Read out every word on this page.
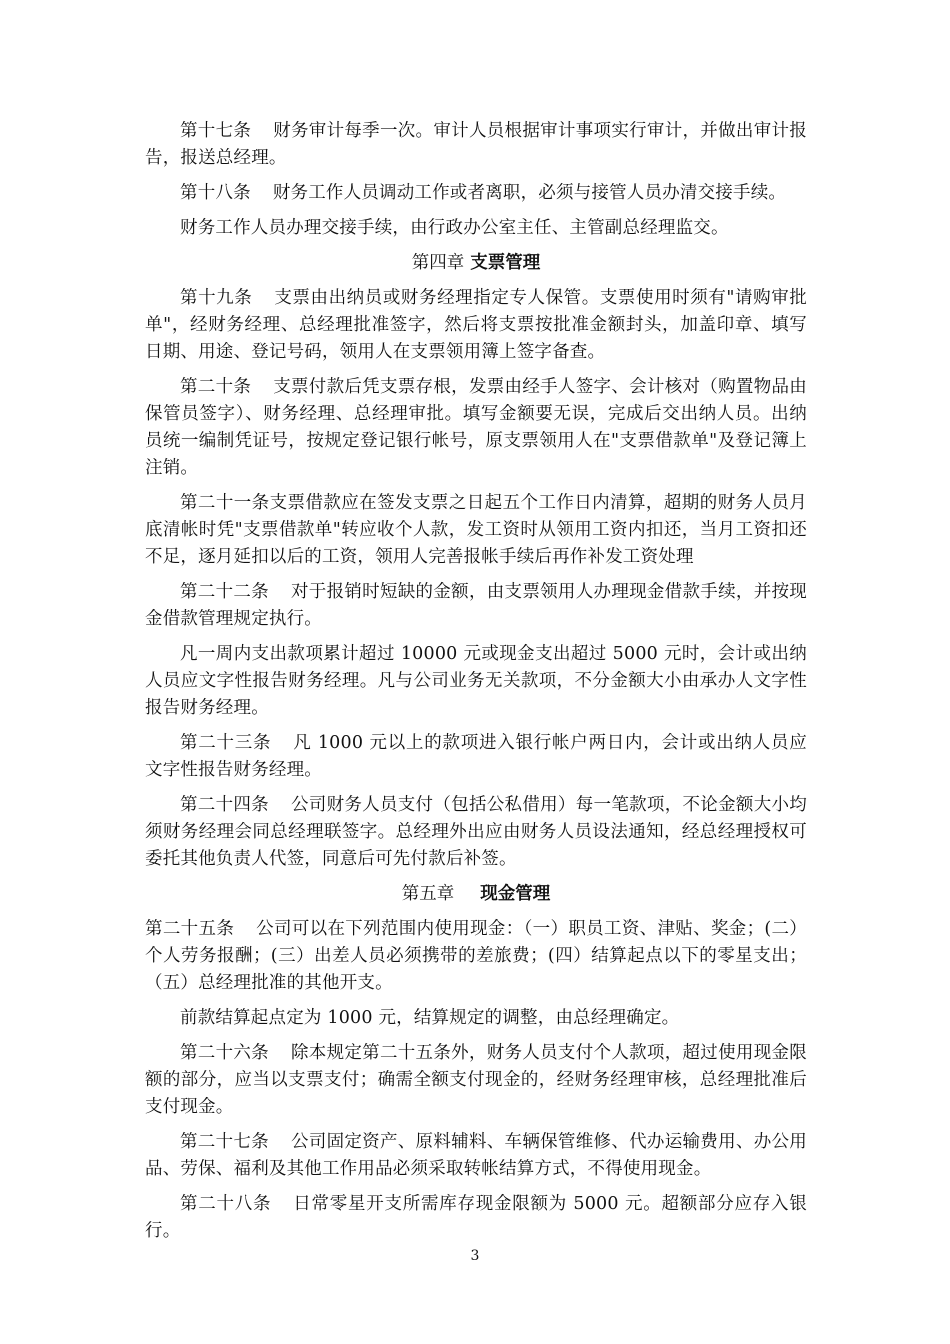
第十七条 财务审计每季一次。审计人员根据审计事项实行审计，并做出审计报告，报送总经理。

第十八条 财务工作人员调动工作或者离职，必须与接管人员办清交接手续。

财务工作人员办理交接手续，由行政办公室主任、主管副总经理监交。

第四章 支票管理

第十九条 支票由出纳员或财务经理指定专人保管。支票使用时须有"请购审批单"，经财务经理、总经理批准签字，然后将支票按批准金额封头，加盖印章、填写日期、用途、登记号码，领用人在支票领用簿上签字备查。

第二十条 支票付款后凭支票存根，发票由经手人签字、会计核对（购置物品由保管员签字）、财务经理、总经理审批。填写金额要无误，完成后交出纳人员。出纳员统一编制凭证号，按规定登记银行帐号，原支票领用人在"支票借款单"及登记簿上注销。

第二十一条支票借款应在签发支票之日起五个工作日内清算，超期的财务人员月底清帐时凭"支票借款单"转应收个人款，发工资时从领用工资内扣还，当月工资扣还不足，逐月延扣以后的工资，领用人完善报帐手续后再作补发工资处理

第二十二条 对于报销时短缺的金额，由支票领用人办理现金借款手续，并按现金借款管理规定执行。

凡一周内支出款项累计超过 10000 元或现金支出超过 5000 元时，会计或出纳人员应文字性报告财务经理。凡与公司业务无关款项，不分金额大小由承办人文字性报告财务经理。

第二十三条 凡 1000 元以上的款项进入银行帐户两日内，会计或出纳人员应文字性报告财务经理。

第二十四条 公司财务人员支付（包括公私借用）每一笔款项，不论金额大小均须财务经理会同总经理联签字。总经理外出应由财务人员设法通知，经总经理授权可委托其他负责人代签，同意后可先付款后补签。

第五章 现金管理

第二十五条 公司可以在下列范围内使用现金：（一）职员工资、津贴、奖金；(二）个人劳务报酬；(三）出差人员必须携带的差旅费；(四）结算起点以下的零星支出；（五）总经理批准的其他开支。

前款结算起点定为 1000 元，结算规定的调整，由总经理确定。

第二十六条 除本规定第二十五条外，财务人员支付个人款项，超过使用现金限额的部分，应当以支票支付；确需全额支付现金的，经财务经理审核，总经理批准后支付现金。

第二十七条 公司固定资产、原料辅料、车辆保管维修、代办运输费用、办公用品、劳保、福利及其他工作用品必须采取转帐结算方式，不得使用现金。

第二十八条 日常零星开支所需库存现金限额为 5000 元。超额部分应存入银行。

3
